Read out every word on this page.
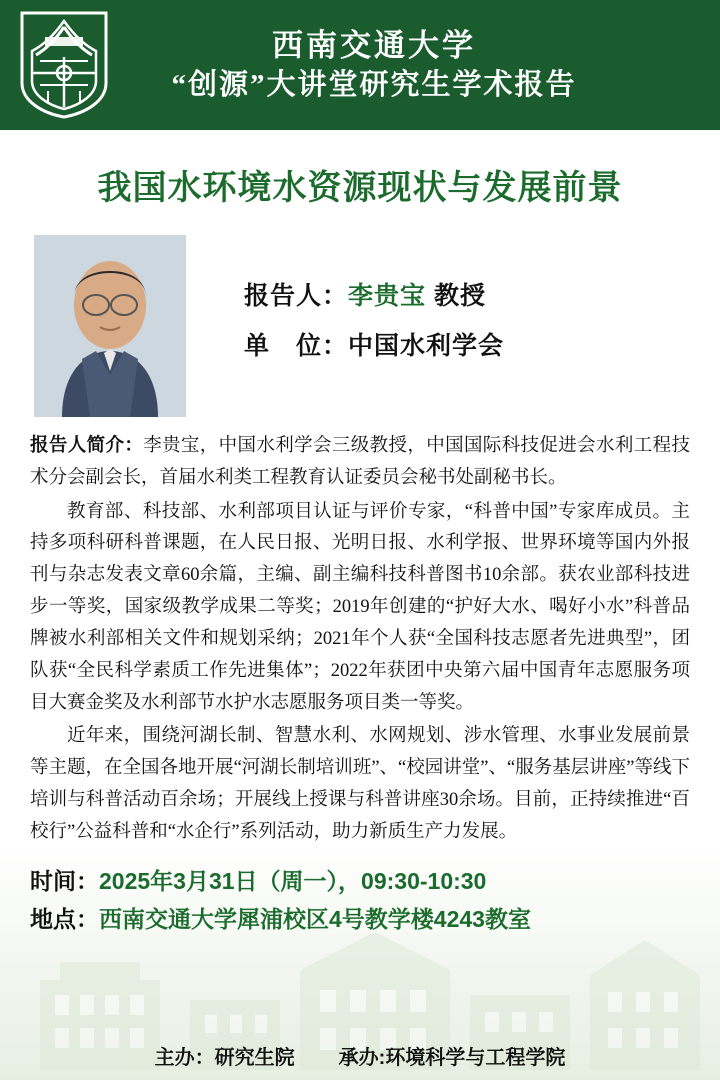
西南交通大学
“创源”大讲堂研究生学术报告
我国水环境水资源现状与发展前景
报告人：李贵宝 教授
单　位：中国水利学会

报告人简介：李贵宝，中国水利学会三级教授，中国国际科技促进会水利工程技术分会副会长，首届水利类工程教育认证委员会秘书处副秘书长。

教育部、科技部、水利部项目认证与评价专家，“科普中国”专家库成员。主持多项科研科普课题，在人民日报、光明日报、水利学报、世界环境等国内外报刊与杂志发表文章60余篇，主编、副主编科技科普图书10余部。获农业部科技进步一等奖，国家级教学成果二等奖；2019年创建的“护好大水、喝好小水”科普品牌被水利部相关文件和规划采纳；2021年个人获“全国科技志愿者先进典型”，团队获“全民科学素质工作先进集体”；2022年获团中央第六届中国青年志愿服务项目大赛金奖及水利部节水护水志愿服务项目类一等奖。

近年来，围绕河湖长制、智慧水利、水网规划、涉水管理、水事业发展前景等主题，在全国各地开展“河湖长制培训班”、“校园讲堂”、“服务基层讲座”等线下培训与科普活动百余场；开展线上授课与科普讲座30余场。目前，正持续推进“百校行”公益科普和“水企行”系列活动，助力新质生产力发展。

时间：2025年3月31日（周一），09:30-10:30
地点：西南交通大学犀浦校区4号教学楼4243教室
主办：研究生院 承办:环境科学与工程学院
